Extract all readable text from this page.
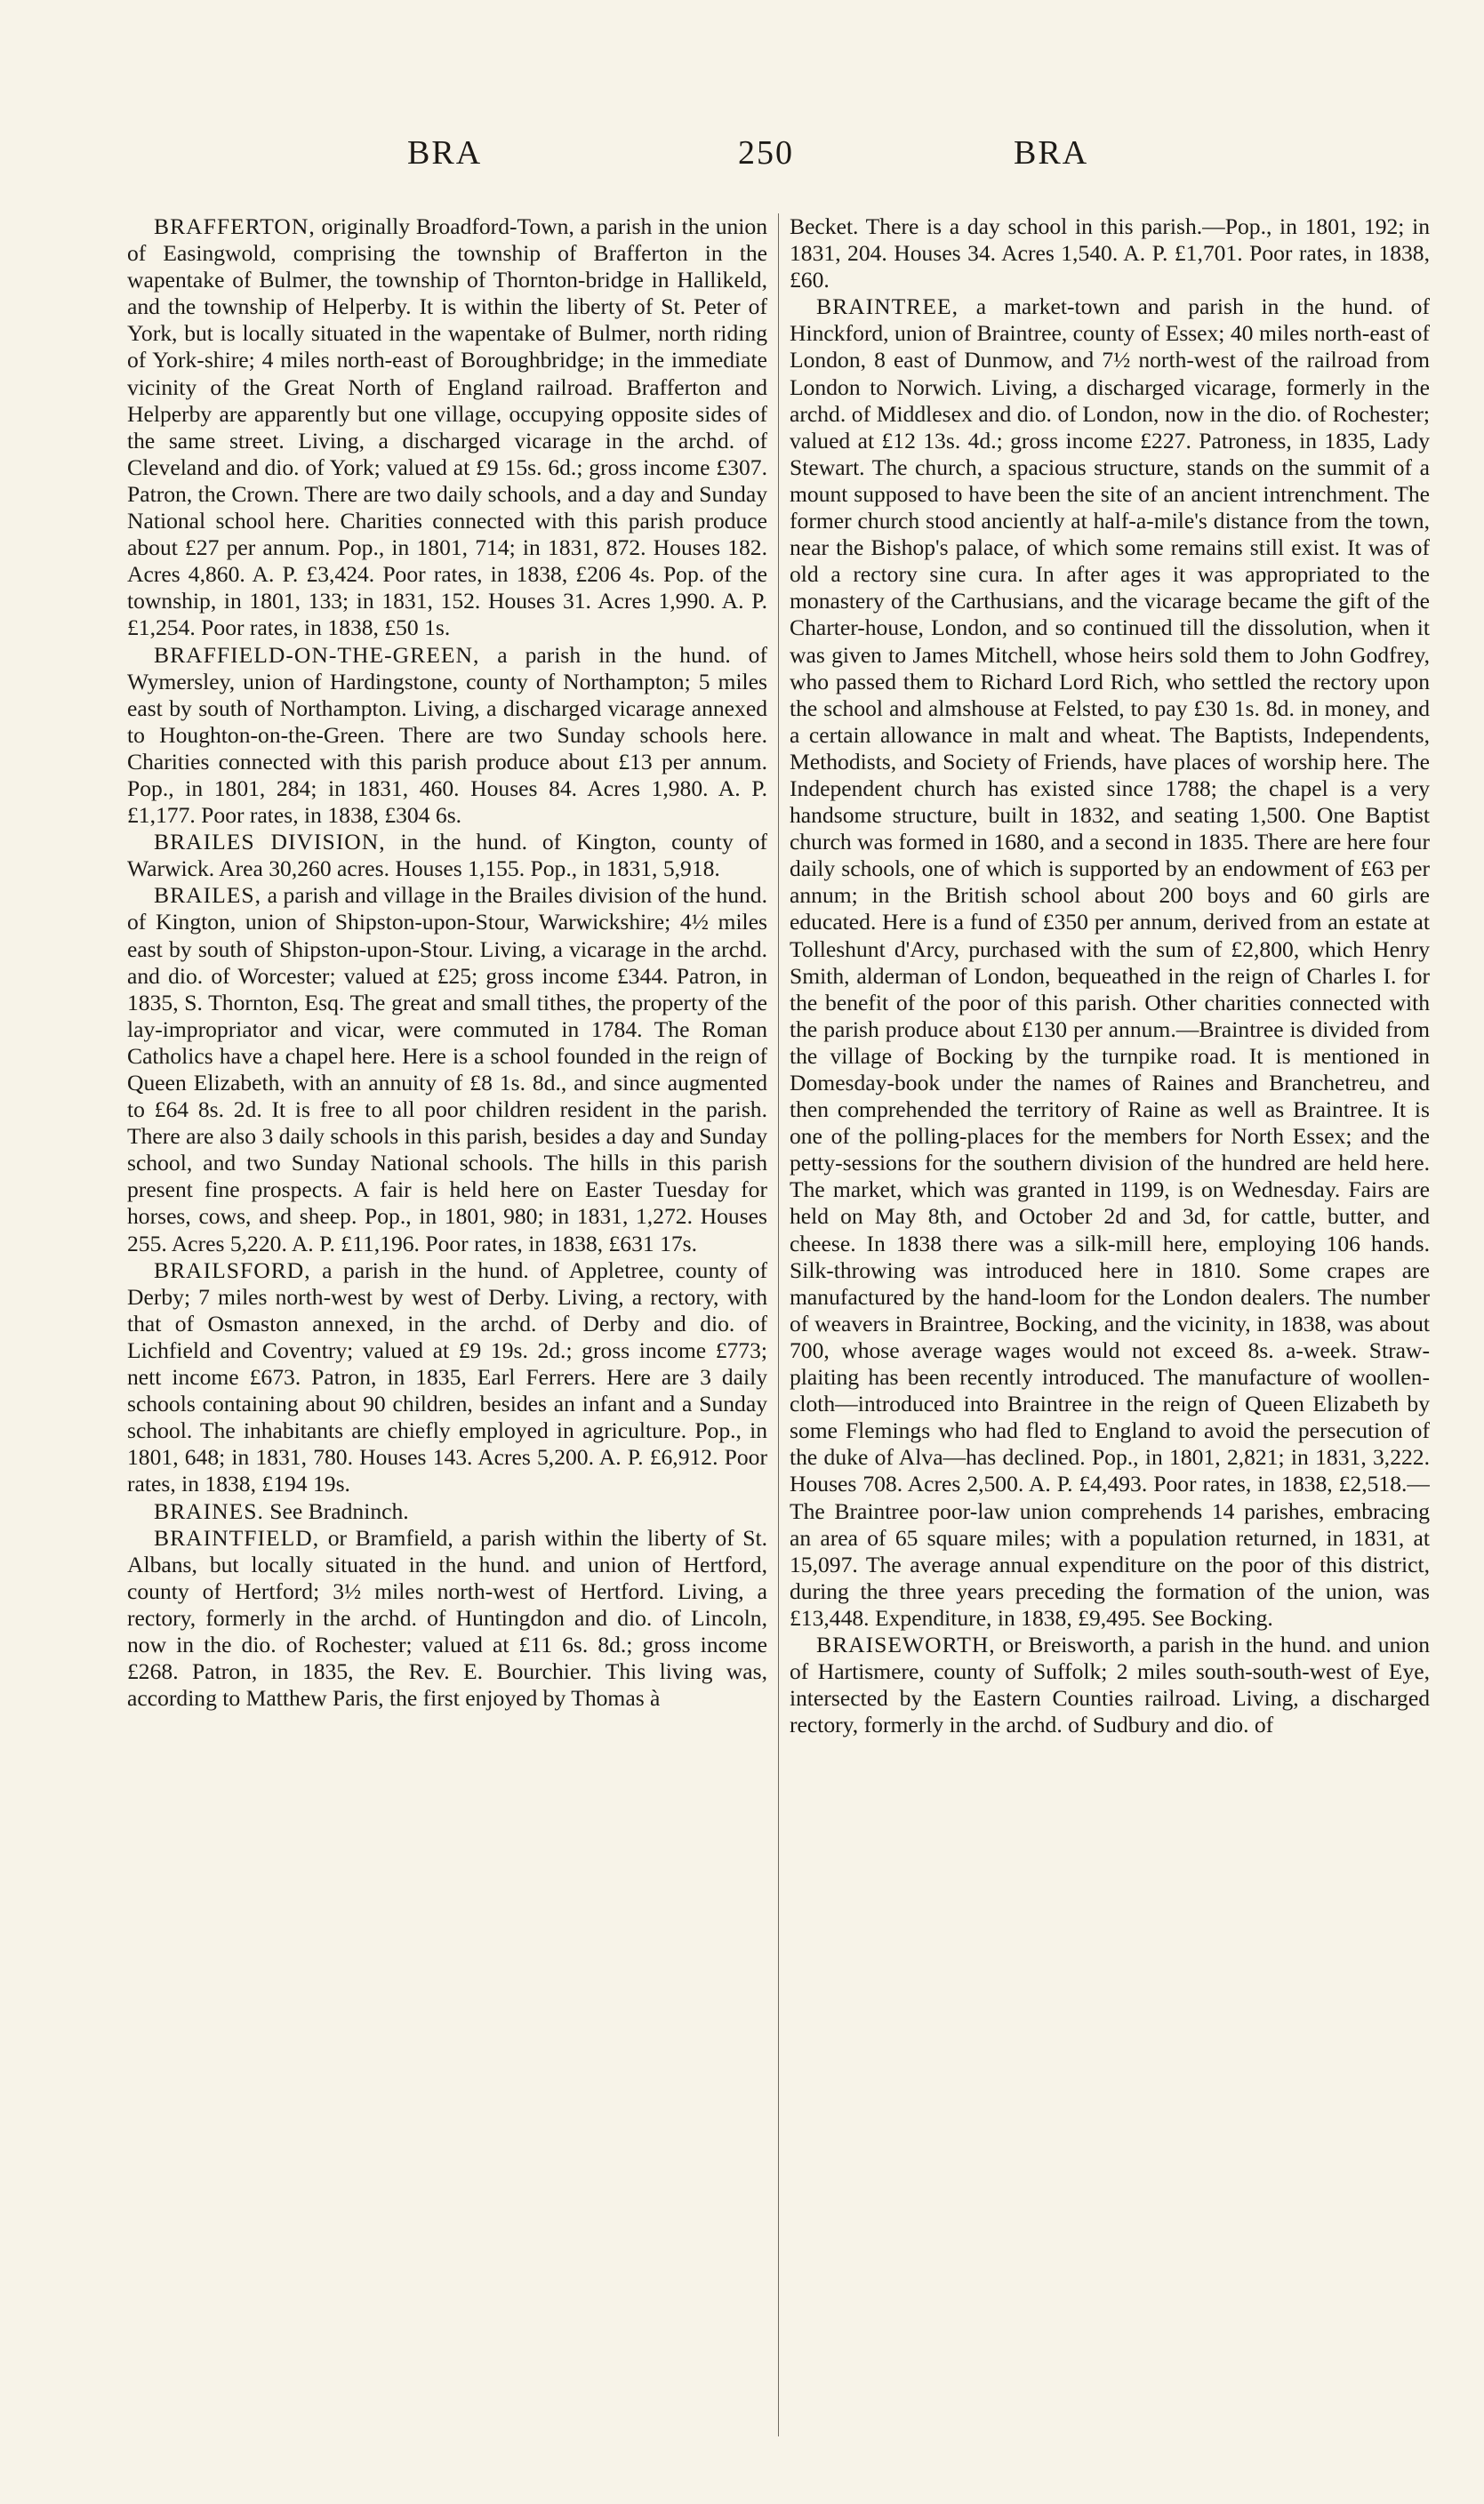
BRA	250	BRA

BRAFFERTON, originally Broadford-Town, a parish in the union of Easingwold, comprising the township of Brafferton in the wapentake of Bulmer, the township of Thornton-bridge in Hallikeld, and the township of Helperby. It is within the liberty of St. Peter of York, but is locally situated in the wapentake of Bulmer, north riding of York-shire; 4 miles north-east of Boroughbridge; in the immediate vicinity of the Great North of England railroad. Brafferton and Helperby are apparently but one village, occupying opposite sides of the same street. Living, a discharged vicarage in the archd. of Cleveland and dio. of York; valued at £9 15s. 6d.; gross income £307. Patron, the Crown. There are two daily schools, and a day and Sunday National school here. Charities connected with this parish produce about £27 per annum. Pop., in 1801, 714; in 1831, 872. Houses 182. Acres 4,860. A. P. £3,424. Poor rates, in 1838, £206 4s. Pop. of the township, in 1801, 133; in 1831, 152. Houses 31. Acres 1,990. A. P. £1,254. Poor rates, in 1838, £50 1s.

BRAFFIELD-ON-THE-GREEN, a parish in the hund. of Wymersley, union of Hardingstone, county of Northampton; 5 miles east by south of Northampton. Living, a discharged vicarage annexed to Houghton-on-the-Green. There are two Sunday schools here. Charities connected with this parish produce about £13 per annum. Pop., in 1801, 284; in 1831, 460. Houses 84. Acres 1,980. A. P. £1,177. Poor rates, in 1838, £304 6s.

BRAILES DIVISION, in the hund. of Kington, county of Warwick. Area 30,260 acres. Houses 1,155. Pop., in 1831, 5,918.

BRAILES, a parish and village in the Brailes division of the hund. of Kington, union of Shipston-upon-Stour, Warwickshire; 4½ miles east by south of Shipston-upon-Stour. Living, a vicarage in the archd. and dio. of Worcester; valued at £25; gross income £344. Patron, in 1835, S. Thornton, Esq. The great and small tithes, the property of the lay-impropriator and vicar, were commuted in 1784. The Roman Catholics have a chapel here. Here is a school founded in the reign of Queen Elizabeth, with an annuity of £8 1s. 8d., and since augmented to £64 8s. 2d. It is free to all poor children resident in the parish. There are also 3 daily schools in this parish, besides a day and Sunday school, and two Sunday National schools. The hills in this parish present fine prospects. A fair is held here on Easter Tuesday for horses, cows, and sheep. Pop., in 1801, 980; in 1831, 1,272. Houses 255. Acres 5,220. A. P. £11,196. Poor rates, in 1838, £631 17s.

BRAILSFORD, a parish in the hund. of Appletree, county of Derby; 7 miles north-west by west of Derby. Living, a rectory, with that of Osmaston annexed, in the archd. of Derby and dio. of Lichfield and Coventry; valued at £9 19s. 2d.; gross income £773; nett income £673. Patron, in 1835, Earl Ferrers. Here are 3 daily schools containing about 90 children, besides an infant and a Sunday school. The inhabitants are chiefly employed in agriculture. Pop., in 1801, 648; in 1831, 780. Houses 143. Acres 5,200. A. P. £6,912. Poor rates, in 1838, £194 19s.

BRAINES. See Bradninch.

BRAINTFIELD, or Bramfield, a parish within the liberty of St. Albans, but locally situated in the hund. and union of Hertford, county of Hertford; 3½ miles north-west of Hertford. Living, a rectory, formerly in the archd. of Huntingdon and dio. of Lincoln, now in the dio. of Rochester; valued at £11 6s. 8d.; gross income £268. Patron, in 1835, the Rev. E. Bourchier. This living was, according to Matthew Paris, the first enjoyed by Thomas à

Becket. There is a day school in this parish.—Pop., in 1801, 192; in 1831, 204. Houses 34. Acres 1,540. A. P. £1,701. Poor rates, in 1838, £60.

BRAINTREE, a market-town and parish in the hund. of Hinckford, union of Braintree, county of Essex; 40 miles north-east of London, 8 east of Dunmow, and 7½ north-west of the railroad from London to Norwich. Living, a discharged vicarage, formerly in the archd. of Middlesex and dio. of London, now in the dio. of Rochester; valued at £12 13s. 4d.; gross income £227. Patroness, in 1835, Lady Stewart. The church, a spacious structure, stands on the summit of a mount supposed to have been the site of an ancient intrenchment. The former church stood anciently at half-a-mile's distance from the town, near the Bishop's palace, of which some remains still exist. It was of old a rectory sine cura. In after ages it was appropriated to the monastery of the Carthusians, and the vicarage became the gift of the Charter-house, London, and so continued till the dissolution, when it was given to James Mitchell, whose heirs sold them to John Godfrey, who passed them to Richard Lord Rich, who settled the rectory upon the school and almshouse at Felsted, to pay £30 1s. 8d. in money, and a certain allowance in malt and wheat. The Baptists, Independents, Methodists, and Society of Friends, have places of worship here. The Independent church has existed since 1788; the chapel is a very handsome structure, built in 1832, and seating 1,500. One Baptist church was formed in 1680, and a second in 1835. There are here four daily schools, one of which is supported by an endowment of £63 per annum; in the British school about 200 boys and 60 girls are educated. Here is a fund of £350 per annum, derived from an estate at Tolleshunt d'Arcy, purchased with the sum of £2,800, which Henry Smith, alderman of London, bequeathed in the reign of Charles I. for the benefit of the poor of this parish. Other charities connected with the parish produce about £130 per annum.—Braintree is divided from the village of Bocking by the turnpike road. It is mentioned in Domesday-book under the names of Raines and Branchetreu, and then comprehended the territory of Raine as well as Braintree. It is one of the polling-places for the members for North Essex; and the petty-sessions for the southern division of the hundred are held here. The market, which was granted in 1199, is on Wednesday. Fairs are held on May 8th, and October 2d and 3d, for cattle, butter, and cheese. In 1838 there was a silk-mill here, employing 106 hands. Silk-throwing was introduced here in 1810. Some crapes are manufactured by the hand-loom for the London dealers. The number of weavers in Braintree, Bocking, and the vicinity, in 1838, was about 700, whose average wages would not exceed 8s. a-week. Straw-plaiting has been recently introduced. The manufacture of woollen-cloth—introduced into Braintree in the reign of Queen Elizabeth by some Flemings who had fled to England to avoid the persecution of the duke of Alva—has declined. Pop., in 1801, 2,821; in 1831, 3,222. Houses 708. Acres 2,500. A. P. £4,493. Poor rates, in 1838, £2,518.—The Braintree poor-law union comprehends 14 parishes, embracing an area of 65 square miles; with a population returned, in 1831, at 15,097. The average annual expenditure on the poor of this district, during the three years preceding the formation of the union, was £13,448. Expenditure, in 1838, £9,495. See Bocking.

BRAISEWORTH, or Breisworth, a parish in the hund. and union of Hartismere, county of Suffolk; 2 miles south-south-west of Eye, intersected by the Eastern Counties railroad. Living, a discharged rectory, formerly in the archd. of Sudbury and dio. of
